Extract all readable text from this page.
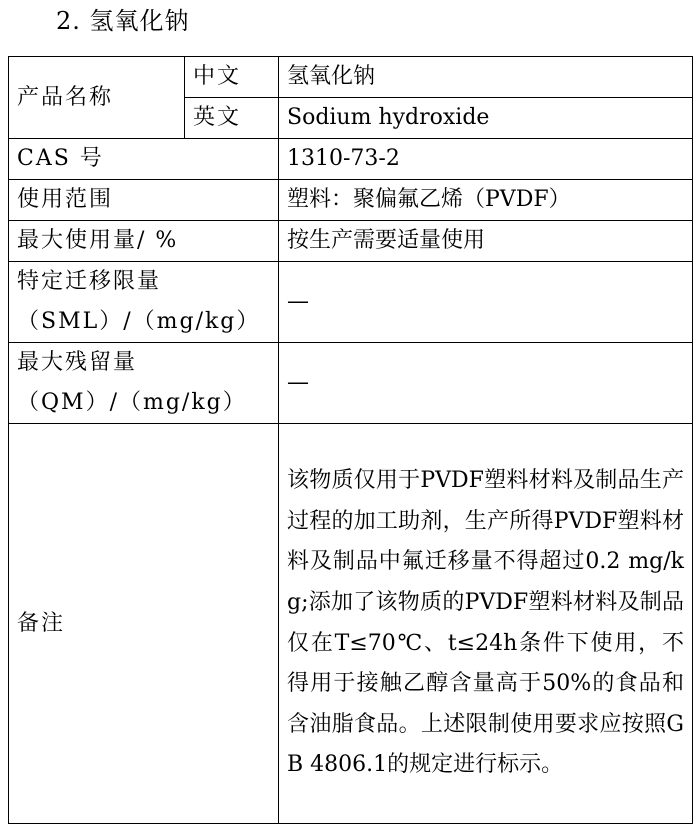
2. 氢氧化钠
产品名称	中文	氢氧化钠
	英文	Sodium hydroxide
CAS 号		1310-73-2
使用范围		塑料：聚偏氟乙烯（PVDF）
最大使用量/ %		按生产需要适量使用

特定迁移限量
（SML）/（mg/kg）		—

最大残留量
（QM）/（mg/kg）		—
备注		该物质仅用于PVDF塑料材料及制品生产过程的加工助剂，生产所得PVDF塑料材料及制品中氟迁移量不得超过0.2 mg/kg;添加了该物质的PVDF塑料材料及制品仅在T≤70℃、t≤24h条件下使用，不得用于接触乙醇含量高于50%的食品和含油脂食品。上述限制使用要求应按照GB 4806.1的规定进行标示。
